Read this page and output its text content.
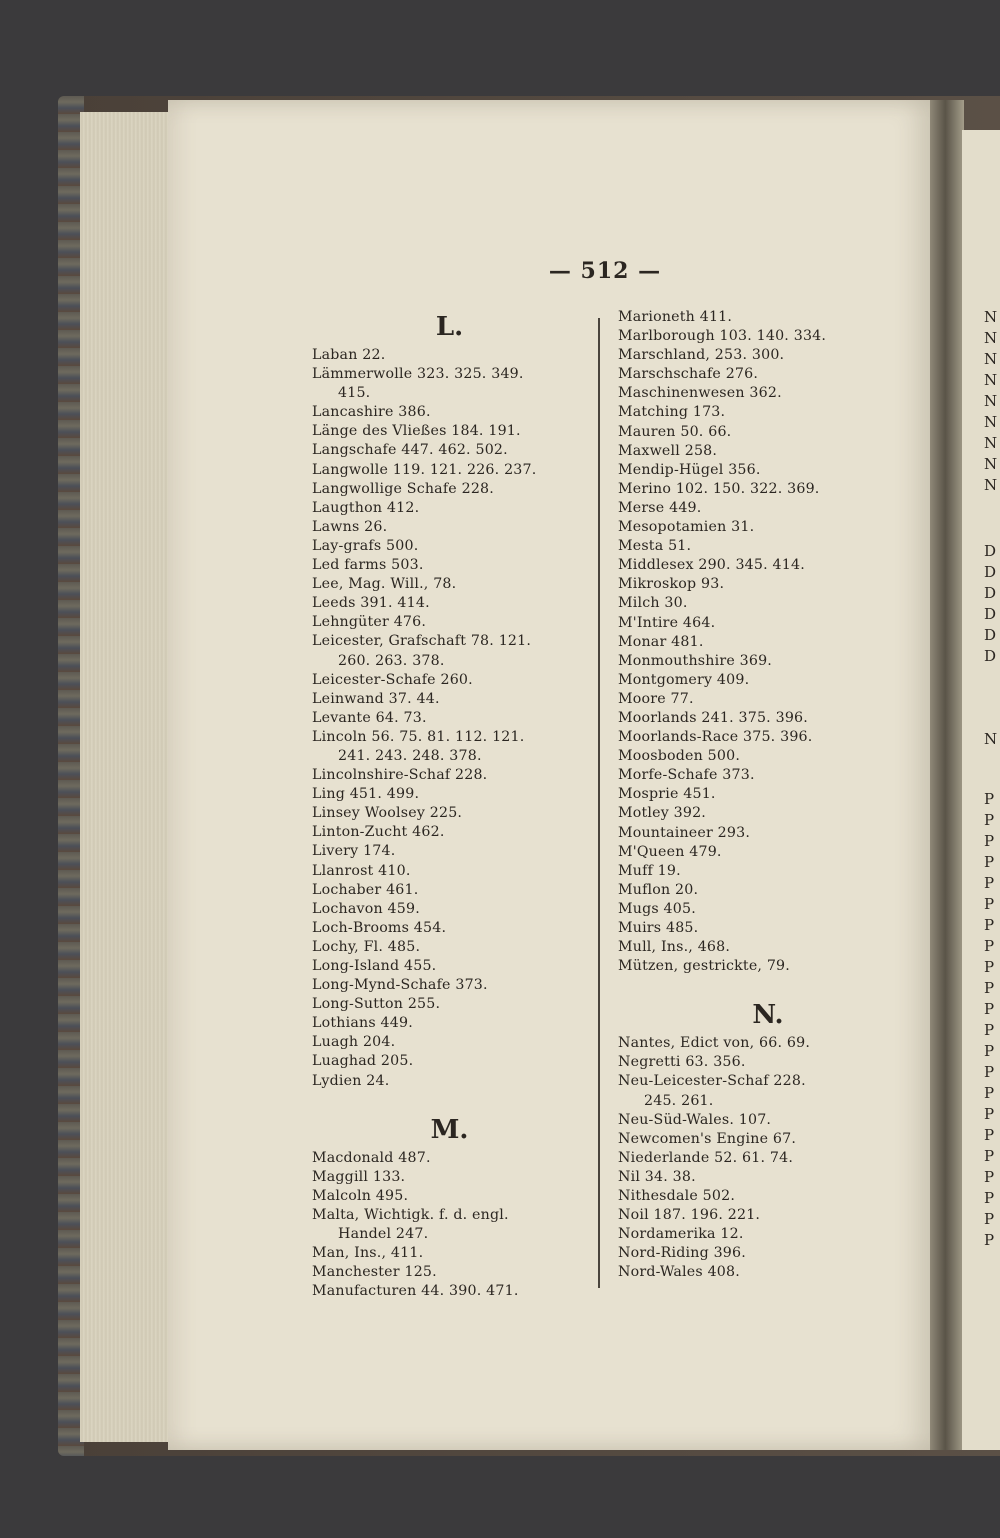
N
N
N
N
N
N
N
N
N
D
D
D
D
D
D
N
P
P
P
P
P
P
P
P
P
P
P
P
P
P
P
P
P
P
P
P
P
P
— 512 —
L.
Laban 22.
Lämmerwolle 323. 325. 349.
415.
Lancashire 386.
Länge des Vließes 184. 191.
Langschafe 447. 462. 502.
Langwolle 119. 121. 226. 237.
Langwollige Schafe 228.
Laugthon 412.
Lawns 26.
Lay-grafs 500.
Led farms 503.
Lee, Mag. Will., 78.
Leeds 391. 414.
Lehngüter 476.
Leicester, Grafschaft 78. 121.
260. 263. 378.
Leicester-Schafe 260.
Leinwand 37. 44.
Levante 64. 73.
Lincoln 56. 75. 81. 112. 121.
241. 243. 248. 378.
Lincolnshire-Schaf 228.
Ling 451. 499.
Linsey Woolsey 225.
Linton-Zucht 462.
Livery 174.
Llanrost 410.
Lochaber 461.
Lochavon 459.
Loch-Brooms 454.
Lochy, Fl. 485.
Long-Island 455.
Long-Mynd-Schafe 373.
Long-Sutton 255.
Lothians 449.
Luagh 204.
Luaghad 205.
Lydien 24.
M.
Macdonald 487.
Maggill 133.
Malcoln 495.
Malta, Wichtigk. f. d. engl.
Handel 247.
Man, Ins., 411.
Manchester 125.
Manufacturen 44. 390. 471.
Marioneth 411.
Marlborough 103. 140. 334.
Marschland, 253. 300.
Marschschafe 276.
Maschinenwesen 362.
Matching 173.
Mauren 50. 66.
Maxwell 258.
Mendip-Hügel 356.
Merino 102. 150. 322. 369.
Merse 449.
Mesopotamien 31.
Mesta 51.
Middlesex 290. 345. 414.
Mikroskop 93.
Milch 30.
M'Intire 464.
Monar 481.
Monmouthshire 369.
Montgomery 409.
Moore 77.
Moorlands 241. 375. 396.
Moorlands-Race 375. 396.
Moosboden 500.
Morfe-Schafe 373.
Mosprie 451.
Motley 392.
Mountaineer 293.
M'Queen 479.
Muff 19.
Muflon 20.
Mugs 405.
Muirs 485.
Mull, Ins., 468.
Mützen, gestrickte, 79.
N.
Nantes, Edict von, 66. 69.
Negretti 63. 356.
Neu-Leicester-Schaf 228.
245. 261.
Neu-Süd-Wales. 107.
Newcomen's Engine 67.
Niederlande 52. 61. 74.
Nil 34. 38.
Nithesdale 502.
Noil 187. 196. 221.
Nordamerika 12.
Nord-Riding 396.
Nord-Wales 408.
